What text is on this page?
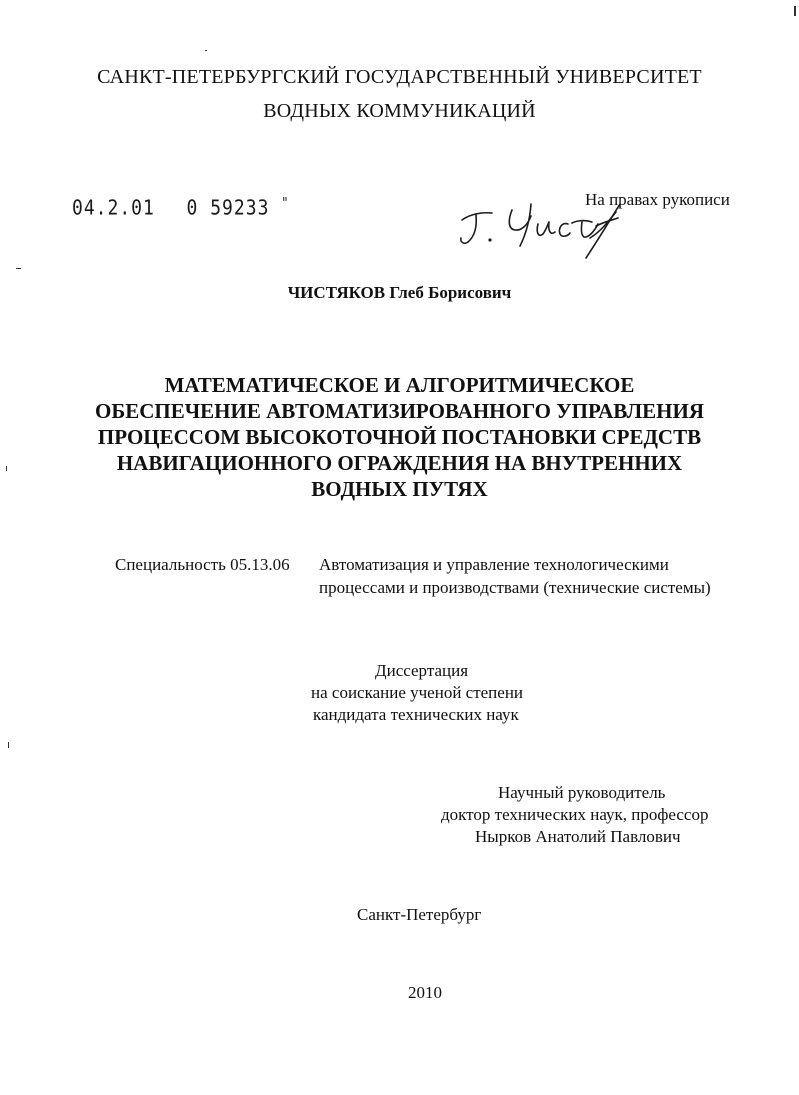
САНКТ-ПЕТЕРБУРГСКИЙ ГОСУДАРСТВЕННЫЙ УНИВЕРСИТЕТ
ВОДНЫХ КОММУНИКАЦИЙ
04.2.01 0 59233 "	На правах рукописи
ЧИСТЯКОВ Глеб Борисович
МАТЕМАТИЧЕСКОЕ И АЛГОРИТМИЧЕСКОЕ
ОБЕСПЕЧЕНИЕ АВТОМАТИЗИРОВАННОГО УПРАВЛЕНИЯ
ПРОЦЕССОМ ВЫСОКОТОЧНОЙ ПОСТАНОВКИ СРЕДСТВ
НАВИГАЦИОННОГО ОГРАЖДЕНИЯ НА ВНУТРЕННИХ
ВОДНЫХ ПУТЯХ
Специальность 05.13.06 Автоматизация и управление технологическими
процессами и производствами (технические системы)
Диссертация
на соискание ученой степени
кандидата технических наук
Научный руководитель
доктор технических наук, профессор
Нырков Анатолий Павлович
Санкт-Петербург
2010
